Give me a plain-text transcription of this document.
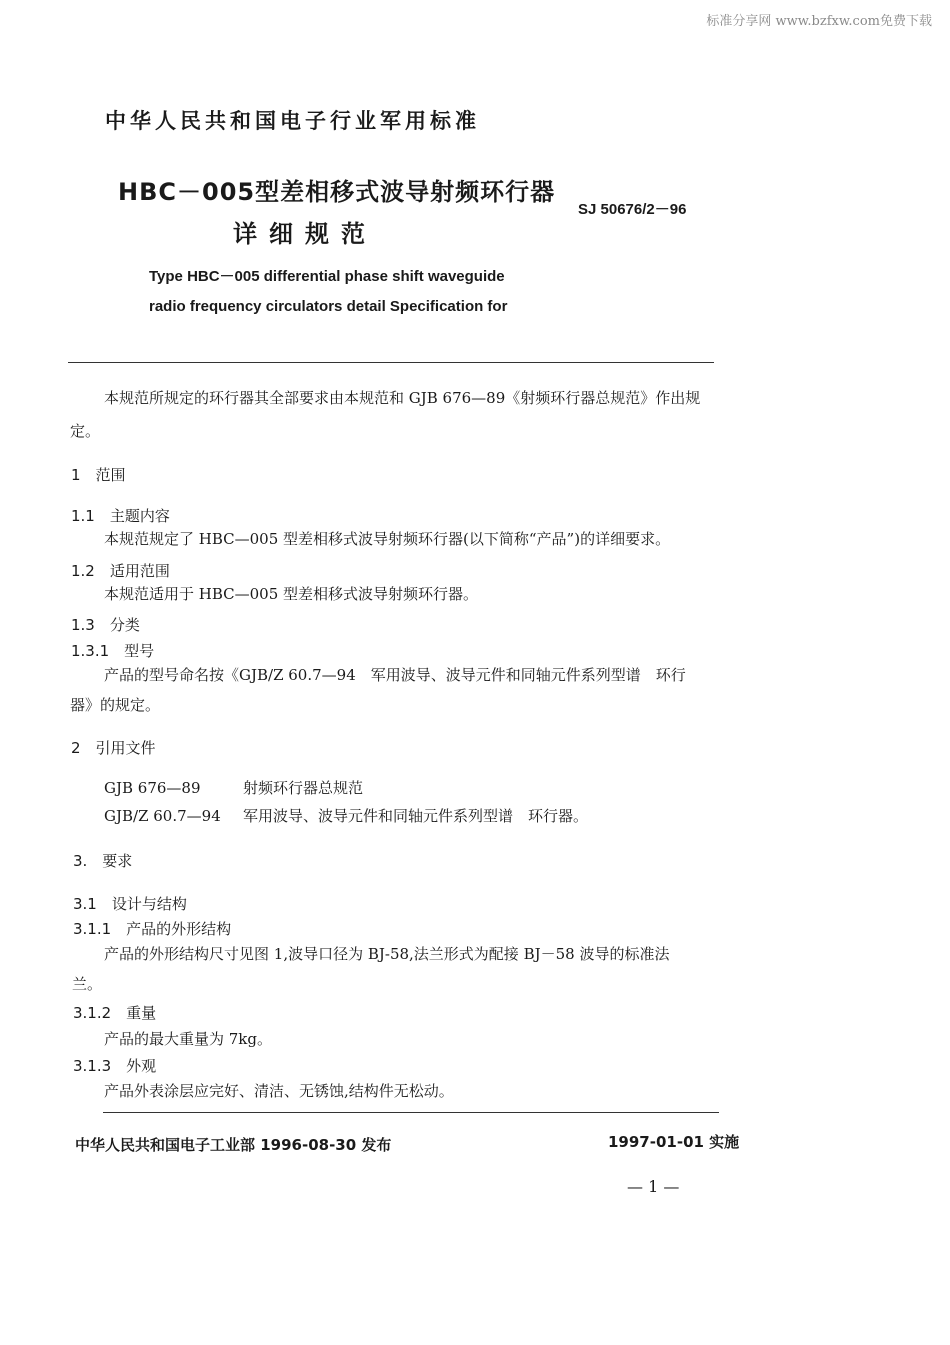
标准分享网 www.bzfxw.com免费下载
中华人民共和国电子行业军用标准
HBC－005型差相移式波导射频环行器
详细规范
SJ 50676/2－96
Type HBC－005 differential phase shift waveguide
radio frequency circulators detail Specification for
本规范所规定的环行器其全部要求由本规范和 GJB 676—89《射频环行器总规范》作出规
定。
1　范围
1.1　主题内容
本规范规定了 HBC—005 型差相移式波导射频环行器(以下简称“产品”)的详细要求。
1.2　适用范围
本规范适用于 HBC—005 型差相移式波导射频环行器。
1.3　分类
1.3.1　型号
产品的型号命名按《GJB/Z 60.7—94　军用波导、波导元件和同轴元件系列型谱　环行
器》的规定。
2　引用文件
GJB 676—89	射频环行器总规范
GJB/Z 60.7—94 军用波导、波导元件和同轴元件系列型谱　环行器。
3.　要求
3.1　设计与结构
3.1.1　产品的外形结构
产品的外形结构尺寸见图 1,波导口径为 BJ-58,法兰形式为配接 BJ－58 波导的标准法
兰。
3.1.2　重量
产品的最大重量为 7kg。
3.1.3　外观
产品外表涂层应完好、清洁、无锈蚀,结构件无松动。
中华人民共和国电子工业部 1996-08-30 发布	1997-01-01 实施
— 1 —
